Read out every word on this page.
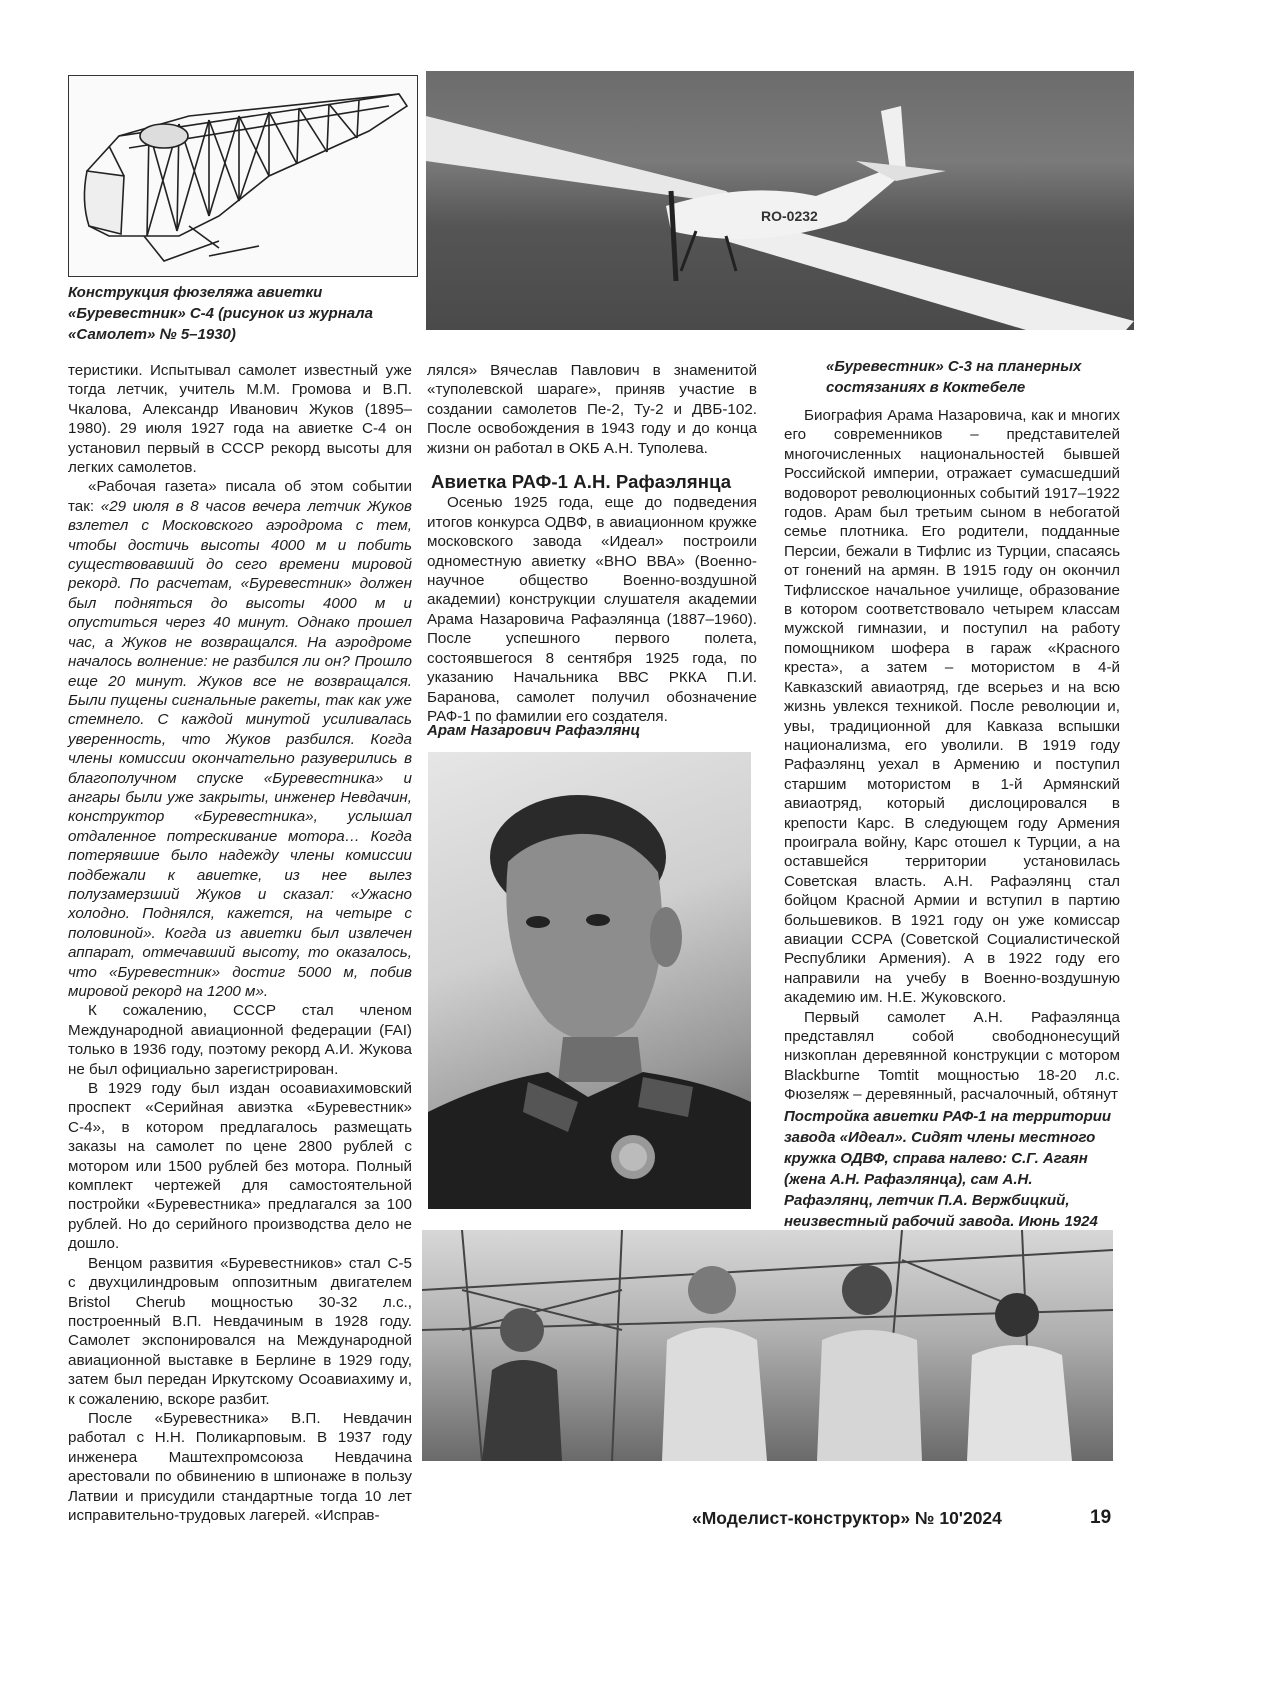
Конструкция фюзеляжа авиетки «Буревестник» С-4 (рисунок из журнала «Самолет» № 5–1930)
RO-0232
«Буревестник» С-3 на планерных состязаниях в Коктебеле

теристики. Испытывал самолет известный уже тогда летчик, учитель М.М. Громова и В.П. Чкалова, Александр Иванович Жуков (1895–1980). 29 июля 1927 года на авиетке С-4 он установил первый в СССР рекорд высоты для легких самолетов.

«Рабочая газета» писала об этом событии так: «29 июля в 8 часов вечера летчик Жуков взлетел с Московского аэродрома с тем, чтобы достичь высоты 4000 м и побить существовавший до сего времени мировой рекорд. По расчетам, «Буревестник» должен был подняться до высоты 4000 м и опуститься через 40 минут. Однако прошел час, а Жуков не возвращался. На аэродроме началось волнение: не разбился ли он? Прошло еще 20 минут. Жуков все не возвращался. Были пущены сигнальные ракеты, так как уже стемнело. С каждой минутой усиливалась уверенность, что Жуков разбился. Когда члены комиссии окончательно разуверились в благополучном спуске «Буревестника» и ангары были уже закрыты, инженер Невдачин, конструктор «Буревестника», услышал отдаленное потрескивание мотора… Когда потерявшие было надежду члены комиссии подбежали к авиетке, из нее вылез полузамерзший Жуков и сказал: «Ужасно холодно. Поднялся, кажется, на четыре с половиной». Когда из авиетки был извлечен аппарат, отмечавший высоту, то оказалось, что «Буревестник» достиг 5000 м, побив мировой рекорд на 1200 м».

К сожалению, СССР стал членом Международной авиационной федерации (FAI) только в 1936 году, поэтому рекорд А.И. Жукова не был официально зарегистрирован.

В 1929 году был издан осоавиахимовский проспект «Серийная авиэтка «Буревестник» С-4», в котором предлагалось размещать заказы на самолет по цене 2800 рублей с мотором или 1500 рублей без мотора. Полный комплект чертежей для самостоятельной постройки «Буревестника» предлагался за 100 рублей. Но до серийного производства дело не дошло.

Венцом развития «Буревестников» стал С-5 с двухцилиндровым оппозитным двигателем Bristol Cherub мощностью 30-32 л.с., построенный В.П. Невдачиным в 1928 году. Самолет экспонировался на Международной авиационной выставке в Берлине в 1929 году, затем был передан Иркутскому Осоавиахиму и, к сожалению, вскоре разбит.

После «Буревестника» В.П. Невдачин работал с Н.Н. Поликарповым. В 1937 году инженера Маштехпромсоюза Невдачина арестовали по обвинению в шпионаже в пользу Латвии и присудили стандартные тогда 10 лет исправительно-трудовых лагерей. «Исправ-

лялся» Вячеслав Павлович в знаменитой «туполевской шараге», приняв участие в создании самолетов Пе-2, Ту-2 и ДВБ-102. После освобождения в 1943 году и до конца жизни он работал в ОКБ А.Н. Туполева.

Авиетка РАФ-1 А.Н. Рафаэлянца

Осенью 1925 года, еще до подведения итогов конкурса ОДВФ, в авиационном кружке московского завода «Идеал» построили одноместную авиетку «ВНО ВВА» (Военно-научное общество Военно-воздушной академии) конструкции слушателя академии Арама Назаровича Рафаэлянца (1887–1960). После успешного первого полета, состоявшегося 8 сентября 1925 года, по указанию Начальника ВВС РККА П.И. Баранова, самолет получил обозначение РАФ-1 по фамилии его создателя.

Арам Назарович Рафаэлянц

Биография Арама Назаровича, как и многих его современников – представителей многочисленных национальностей бывшей Российской империи, отражает сумасшедший водоворот революционных событий 1917–1922 годов. Арам был третьим сыном в небогатой семье плотника. Его родители, подданные Персии, бежали в Тифлис из Турции, спасаясь от гонений на армян. В 1915 году он окончил Тифлисское начальное училище, образование в котором соответствовало четырем классам мужской гимназии, и поступил на работу помощником шофера в гараж «Красного креста», а затем – мотористом в 4-й Кавказский авиаотряд, где всерьез и на всю жизнь увлекся техникой. После революции и, увы, традиционной для Кавказа вспышки национализма, его уволили. В 1919 году Рафаэлянц уехал в Армению и поступил старшим мотористом в 1-й Армянский авиаотряд, который дислоцировался в крепости Карс. В следующем году Армения проиграла войну, Карс отошел к Турции, а на оставшейся территории установилась Советская власть. А.Н. Рафаэлянц стал бойцом Красной Армии и вступил в партию большевиков. В 1921 году он уже комиссар авиации ССРА (Советской Социалистической Республики Армения). А в 1922 году его направили на учебу в Военно-воздушную академию им. Н.Е. Жуковского.

Первый самолет А.Н. Рафаэлянца представлял собой свободнонесущий низкоплан деревянной конструкции с мотором Blackburne Tomtit мощностью 18-20 л.с. Фюзеляж – деревянный, расчалочный, обтянут

Постройка авиетки РАФ-1 на территории завода «Идеал». Сидят члены местного кружка ОДВФ, справа налево: С.Г. Агаян (жена А.Н. Рафаэлянца), сам А.Н. Рафаэлянц, летчик П.А. Вержбицкий, неизвестный рабочий завода. Июнь 1924
«Моделист-конструктор» № 10'2024	19
